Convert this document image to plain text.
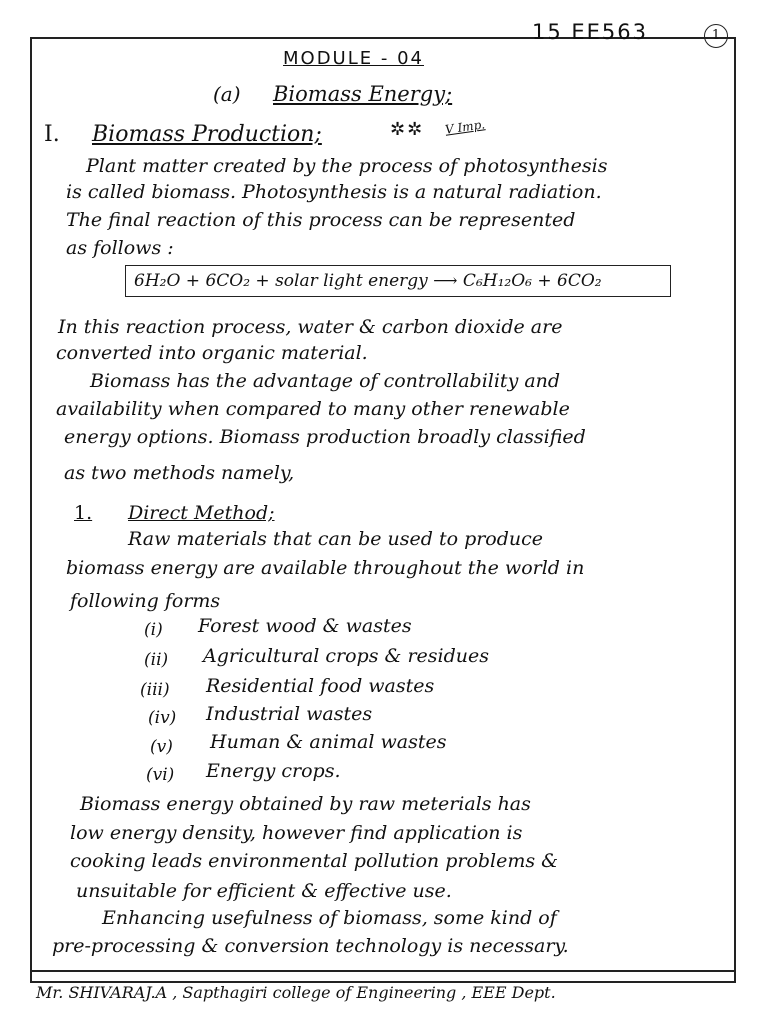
15 EE563	1
MODULE - 04
(a) Biomass Energy;
I. Biomass Production;	✲✲ V Imp.
Plant matter created by the process of photosynthesis
is called biomass. Photosynthesis is a natural radiation.
The final reaction of this process can be represented
as follows :
6H₂O + 6CO₂ + solar light energy ⟶ C₆H₁₂O₆ + 6CO₂
In this reaction process, water & carbon dioxide are
converted into organic material.
Biomass has the advantage of controllability and
availability when compared to many other renewable
energy options. Biomass production broadly classified
as two methods namely,
1. Direct Method;
Raw materials that can be used to produce
biomass energy are available throughout the world in
following forms
(i) Forest wood & wastes
(ii) Agricultural crops & residues
(iii) Residential food wastes
(iv) Industrial wastes
(v) Human & animal wastes
(vi) Energy crops.
Biomass energy obtained by raw meterials has
low energy density, however find application is
cooking leads environmental pollution problems &
unsuitable for efficient & effective use.
Enhancing usefulness of biomass, some kind of
pre-processing & conversion technology is necessary.
Mr. SHIVARAJ.A , Sapthagiri college of Engineering , EEE Dept.
